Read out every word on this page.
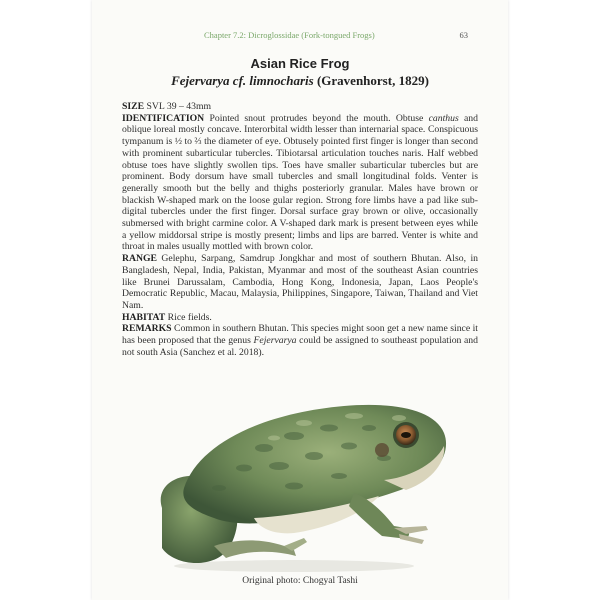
Chapter 7.2: Dicroglossidae (Fork-tongued Frogs)	63
Asian Rice Frog
Fejervarya cf. limnocharis (Gravenhorst, 1829)

SIZE SVL 39 – 43mm

IDENTIFICATION Pointed snout protrudes beyond the mouth. Obtuse canthus and oblique loreal mostly concave. Interorbital width lesser than internarial space. Conspicuous tympanum is ½ to ⅔ the diameter of eye. Obtusely pointed first finger is longer than second with prominent subarticular tubercles. Tibiotarsal articulation touches naris. Half webbed obtuse toes have slightly swollen tips. Toes have smaller subarticular tubercles but are prominent. Body dorsum have small tubercles and small longitudinal folds. Venter is generally smooth but the belly and thighs posteriorly granular. Males have brown or blackish W-shaped mark on the loose gular region. Strong fore limbs have a pad like sub-digital tubercles under the first finger. Dorsal surface gray brown or olive, occasionally submersed with bright carmine color. A V-shaped dark mark is present between eyes while a yellow middorsal stripe is mostly present; limbs and lips are barred. Venter is white and throat in males usually mottled with brown color.

RANGE Gelephu, Sarpang, Samdrup Jongkhar and most of southern Bhutan. Also, in Bangladesh, Nepal, India, Pakistan, Myanmar and most of the southeast Asian countries like Brunei Darussalam, Cambodia, Hong Kong, Indonesia, Japan, Laos People's Democratic Republic, Macau, Malaysia, Philippines, Singapore, Taiwan, Thailand and Viet Nam.

HABITAT Rice fields.

REMARKS Common in southern Bhutan. This species might soon get a new name since it has been proposed that the genus Fejervarya could be assigned to southeast population and not south Asia (Sanchez et al. 2018).

Original photo: Chogyal Tashi
